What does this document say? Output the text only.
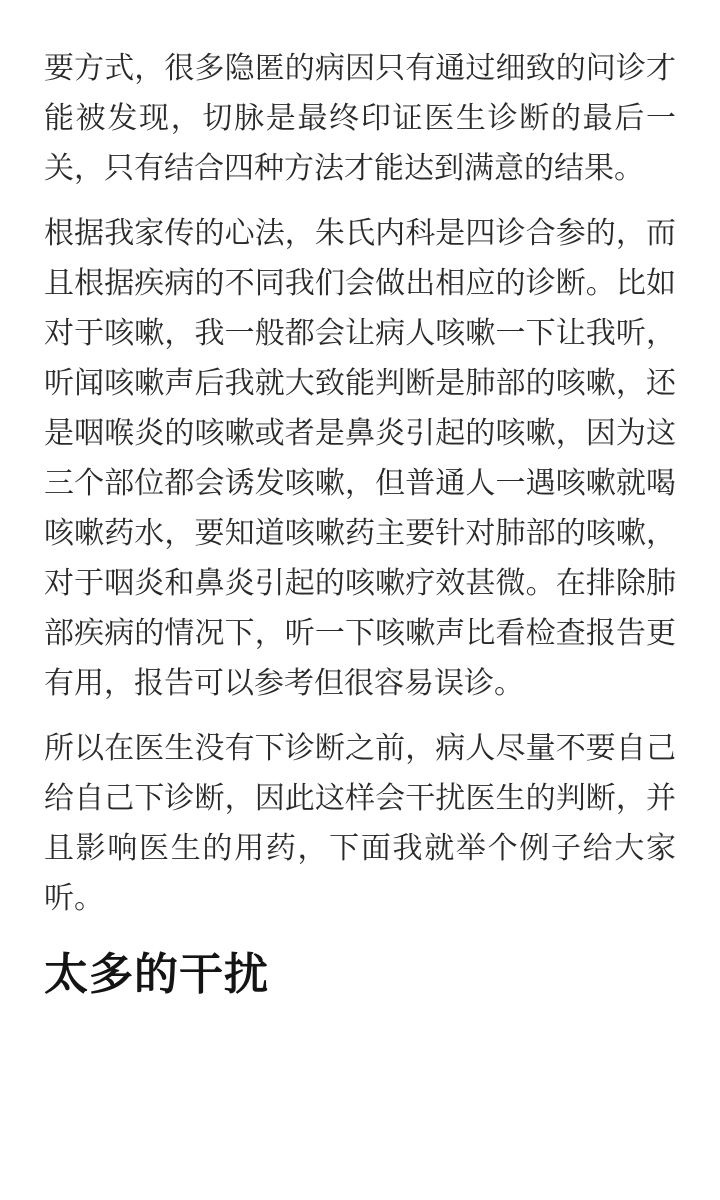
要方式，很多隐匿的病因只有通过细致的问诊才能被发现，切脉是最终印证医生诊断的最后一关，只有结合四种方法才能达到满意的结果。

根据我家传的心法，朱氏内科是四诊合参的，而且根据疾病的不同我们会做出相应的诊断。比如对于咳嗽，我一般都会让病人咳嗽一下让我听，听闻咳嗽声后我就大致能判断是肺部的咳嗽，还是咽喉炎的咳嗽或者是鼻炎引起的咳嗽，因为这三个部位都会诱发咳嗽，但普通人一遇咳嗽就喝咳嗽药水，要知道咳嗽药主要针对肺部的咳嗽，对于咽炎和鼻炎引起的咳嗽疗效甚微。在排除肺部疾病的情况下，听一下咳嗽声比看检查报告更有用，报告可以参考但很容易误诊。

所以在医生没有下诊断之前，病人尽量不要自己给自己下诊断，因此这样会干扰医生的判断，并且影响医生的用药，下面我就举个例子给大家听。

太多的干扰
